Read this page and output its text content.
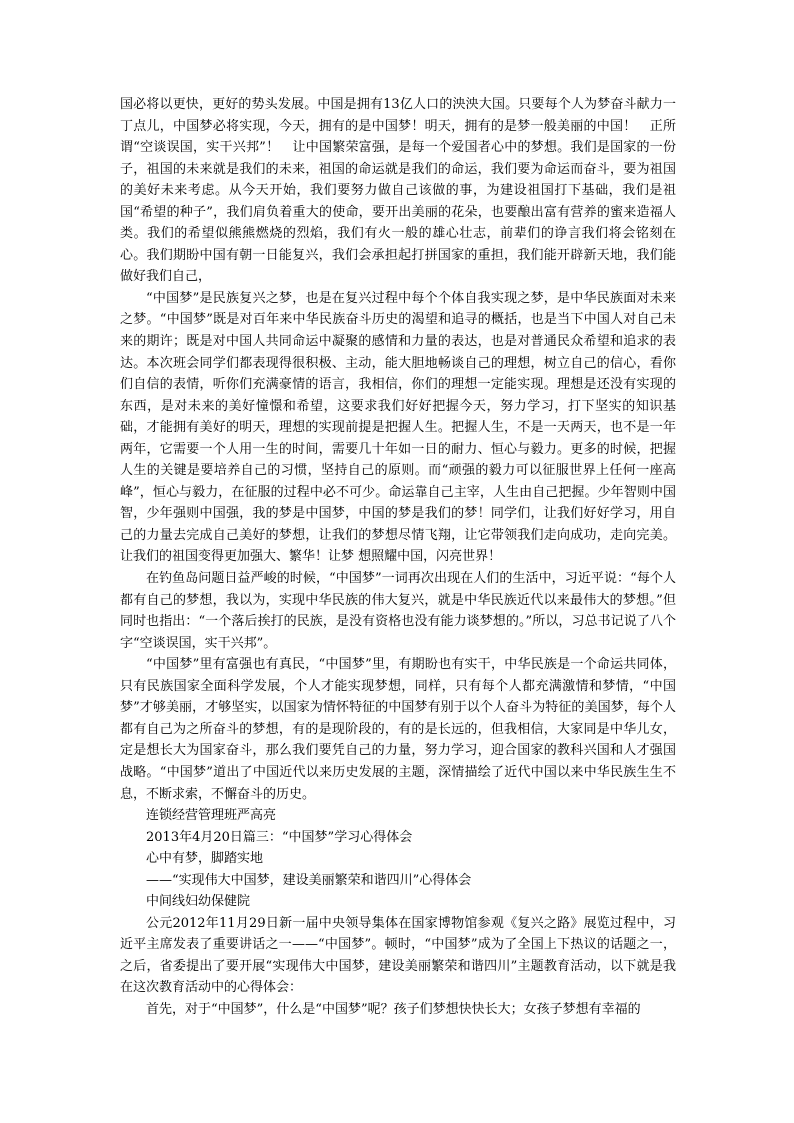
国必将以更快，更好的势头发展。中国是拥有13亿人口的泱泱大国。只要每个人为梦奋斗献力一丁点儿，中国梦必将实现，今天，拥有的是中国梦！明天，拥有的是梦一般美丽的中国！　正所谓“空谈误国，实干兴邦”！　让中国繁荣富强，是每一个爱国者心中的梦想。我们是国家的一份子，祖国的未来就是我们的未来，祖国的命运就是我们的命运，我们要为命运而奋斗，要为祖国的美好未来考虑。从今天开始，我们要努力做自己该做的事，为建设祖国打下基础，我们是祖国“希望的种子”，我们肩负着重大的使命，要开出美丽的花朵，也要酿出富有营养的蜜来造福人类。我们的希望似熊熊燃烧的烈焰，我们有火一般的雄心壮志，前辈们的诤言我们将会铭刻在心。我们期盼中国有朝一日能复兴，我们会承担起打拼国家的重担，我们能开辟新天地，我们能做好我们自己，

“中国梦”是民族复兴之梦，也是在复兴过程中每个个体自我实现之梦，是中华民族面对未来之梦。“中国梦”既是对百年来中华民族奋斗历史的渴望和追寻的概括，也是当下中国人对自己未来的期许；既是对中国人共同命运中凝聚的感情和力量的表达，也是对普通民众希望和追求的表达。本次班会同学们都表现得很积极、主动，能大胆地畅谈自己的理想，树立自己的信心，看你们自信的表情，听你们充满豪情的语言，我相信，你们的理想一定能实现。理想是还没有实现的东西，是对未来的美好憧憬和希望，这要求我们好好把握今天，努力学习，打下坚实的知识基础，才能拥有美好的明天，理想的实现前提是把握人生。把握人生，不是一天两天，也不是一年两年，它需要一个人用一生的时间，需要几十年如一日的耐力、恒心与毅力。更多的时候，把握人生的关键是要培养自己的习惯，坚持自己的原则。而“顽强的毅力可以征服世界上任何一座高峰”，恒心与毅力，在征服的过程中必不可少。命运靠自己主宰，人生由自己把握。少年智则中国智，少年强则中国强，我的梦是中国梦，中国的梦是我们的梦！同学们，让我们好好学习，用自己的力量去完成自己美好的梦想，让我们的梦想尽情飞翔，让它带领我们走向成功，走向完美。让我们的祖国变得更加强大、繁华！让梦 想照耀中国，闪亮世界！

在钓鱼岛问题日益严峻的时候，“中国梦”一词再次出现在人们的生活中，习近平说：“每个人都有自己的梦想，我以为，实现中华民族的伟大复兴，就是中华民族近代以来最伟大的梦想。”但同时也指出：“一个落后挨打的民族，是没有资格也没有能力谈梦想的。”所以，习总书记说了八个字“空谈误国，实干兴邦”。

“中国梦”里有富强也有真民，“中国梦”里，有期盼也有实干，中华民族是一个命运共同体，只有民族国家全面科学发展，个人才能实现梦想，同样，只有每个人都充满激情和梦情，“中国梦”才够美丽，才够坚实，以国家为情怀特征的中国梦有别于以个人奋斗为特征的美国梦，每个人都有自己为之所奋斗的梦想，有的是现阶段的，有的是长远的，但我相信，大家同是中华儿女，定是想长大为国家奋斗，那么我们要凭自己的力量，努力学习，迎合国家的教科兴国和人才强国战略。“中国梦”道出了中国近代以来历史发展的主题，深情描绘了近代中国以来中华民族生生不息，不断求索，不懈奋斗的历史。

连锁经营管理班严高亮

2013年4月20日篇三：“中国梦”学习心得体会

心中有梦，脚踏实地

——“实现伟大中国梦，建设美丽繁荣和谐四川”心得体会

中间线妇幼保健院

公元2012年11月29日新一届中央领导集体在国家博物馆参观《复兴之路》展览过程中，习近平主席发表了重要讲话之一——“中国梦”。顿时，“中国梦”成为了全国上下热议的话题之一，之后，省委提出了要开展“实现伟大中国梦，建设美丽繁荣和谐四川”主题教育活动，以下就是我在这次教育活动中的心得体会：

首先，对于“中国梦”，什么是“中国梦”呢？孩子们梦想快快长大；女孩子梦想有幸福的
